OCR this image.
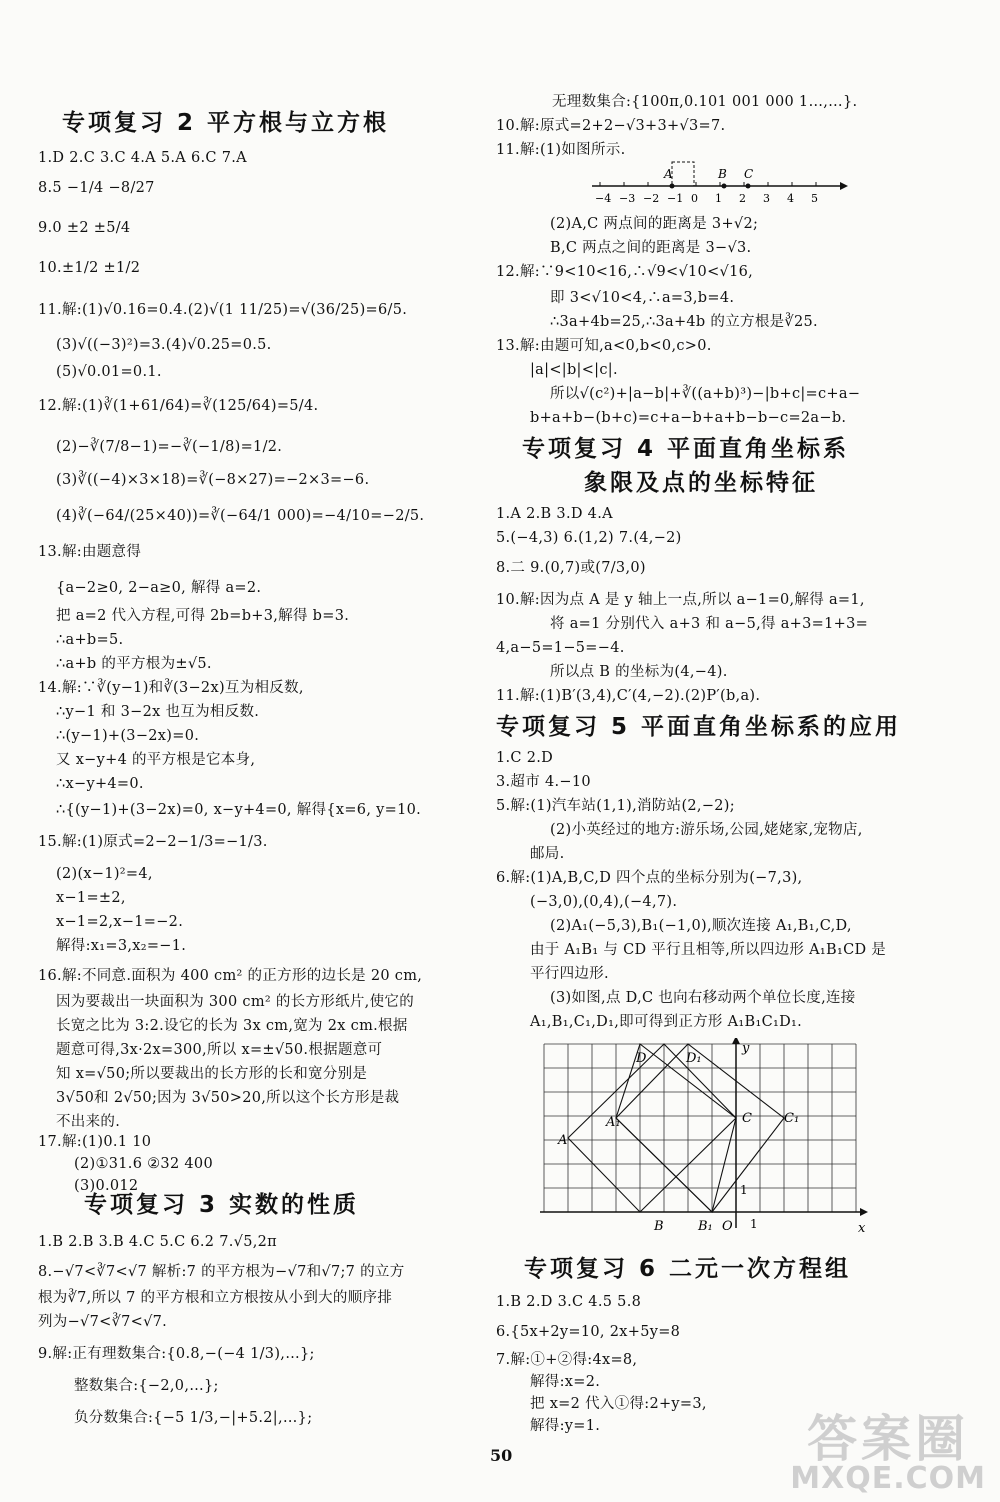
专项复习 2 平方根与立方根
1.D 2.C 3.C 4.A 5.A 6.C 7.A
8.5 −1/4 −8/27
9.0 ±2 ±5/4
10.±1/2 ±1/2
11.解:(1)√0.16=0.4.(2)√(1 11/25)=√(36/25)=6/5.
(3)√((−3)²)=3.(4)√0.25=0.5.
(5)√0.01=0.1.
12.解:(1)∛(1+61/64)=∛(125/64)=5/4.
(2)−∛(7/8−1)=−∛(−1/8)=1/2.
(3)∛((−4)×3×18)=∛(−8×27)=−2×3=−6.
(4)∛(−64/(25×40))=∛(−64/1 000)=−4/10=−2/5.
13.解:由题意得
{a−2≥0, 2−a≥0, 解得 a=2.
把 a=2 代入方程,可得 2b=b+3,解得 b=3.
∴a+b=5.
∴a+b 的平方根为±√5.
14.解:∵∛(y−1)和∛(3−2x)互为相反数,
∴y−1 和 3−2x 也互为相反数.
∴(y−1)+(3−2x)=0.
又 x−y+4 的平方根是它本身,
∴x−y+4=0.
∴{(y−1)+(3−2x)=0, x−y+4=0, 解得{x=6, y=10.
15.解:(1)原式=2−2−1/3=−1/3.
(2)(x−1)²=4,
x−1=±2,
x−1=2,x−1=−2.
解得:x₁=3,x₂=−1.
16.解:不同意.面积为 400 cm² 的正方形的边长是 20 cm,
因为要裁出一块面积为 300 cm² 的长方形纸片,使它的
长宽之比为 3:2.设它的长为 3x cm,宽为 2x cm.根据
题意可得,3x·2x=300,所以 x=±√50.根据题意可
知 x=√50;所以要裁出的长方形的长和宽分别是
3√50和 2√50;因为 3√50>20,所以这个长方形是裁
不出来的.
17.解:(1)0.1 10
(2)①31.6 ②32 400
(3)0.012
专项复习 3 实数的性质
1.B 2.B 3.B 4.C 5.C 6.2 7.√5,2π
8.−√7<∛7<√7 解析:7 的平方根为−√7和√7;7 的立方
根为∛7,所以 7 的平方根和立方根按从小到大的顺序排
列为−√7<∛7<√7.
9.解:正有理数集合:{0.8,−(−4 1/3),…};
整数集合:{−2,0,…};
负分数集合:{−5 1/3,−|+5.2|,…};
无理数集合:{100π,0.101 001 000 1…,…}.
10.解:原式=2+2−√3+3+√3=7.
11.解:(1)如图所示.
−4 −3 −2 −1 0 1 2 3 4 5
A	B C
(2)A,C 两点间的距离是 3+√2;
B,C 两点之间的距离是 3−√3.
12.解:∵9<10<16,∴√9<√10<√16,
即 3<√10<4,∴a=3,b=4.
∴3a+4b=25,∴3a+4b 的立方根是∛25.
13.解:由题可知,a<0,b<0,c>0.
|a|<|b|<|c|.
所以√(c²)+|a−b|+∛((a+b)³)−|b+c|=c+a−
b+a+b−(b+c)=c+a−b+a+b−b−c=2a−b.
专项复习 4 平面直角坐标系
象限及点的坐标特征
1.A 2.B 3.D 4.A
5.(−4,3) 6.(1,2) 7.(4,−2)
8.二 9.(0,7)或(7/3,0)
10.解:因为点 A 是 y 轴上一点,所以 a−1=0,解得 a=1,
将 a=1 分别代入 a+3 和 a−5,得 a+3=1+3=
4,a−5=1−5=−4.
所以点 B 的坐标为(4,−4).
11.解:(1)B′(3,4),C′(4,−2).(2)P′(b,a).
专项复习 5 平面直角坐标系的应用
1.C 2.D
3.超市 4.−10
5.解:(1)汽车站(1,1),消防站(2,−2);
(2)小英经过的地方:游乐场,公园,姥姥家,宠物店,
邮局.
6.解:(1)A,B,C,D 四个点的坐标分别为(−7,3),
(−3,0),(0,4),(−4,7).
(2)A₁(−5,3),B₁(−1,0),顺次连接 A₁,B₁,C,D,
由于 A₁B₁ 与 CD 平行且相等,所以四边形 A₁B₁CD 是
平行四边形.
(3)如图,点 D,C 也向右移动两个单位长度,连接
A₁,B₁,C₁,D₁,即可得到正方形 A₁B₁C₁D₁.
D	D₁
A₁	C C₁
A
B	B₁ O 1
1
x
y
专项复习 6 二元一次方程组
1.B 2.D 3.C 4.5 5.8
6.{5x+2y=10, 2x+5y=8
7.解:①+②得:4x=8,
解得:x=2.
把 x=2 代入①得:2+y=3,
解得:y=1.
50	答案圈
MXQE.COM
